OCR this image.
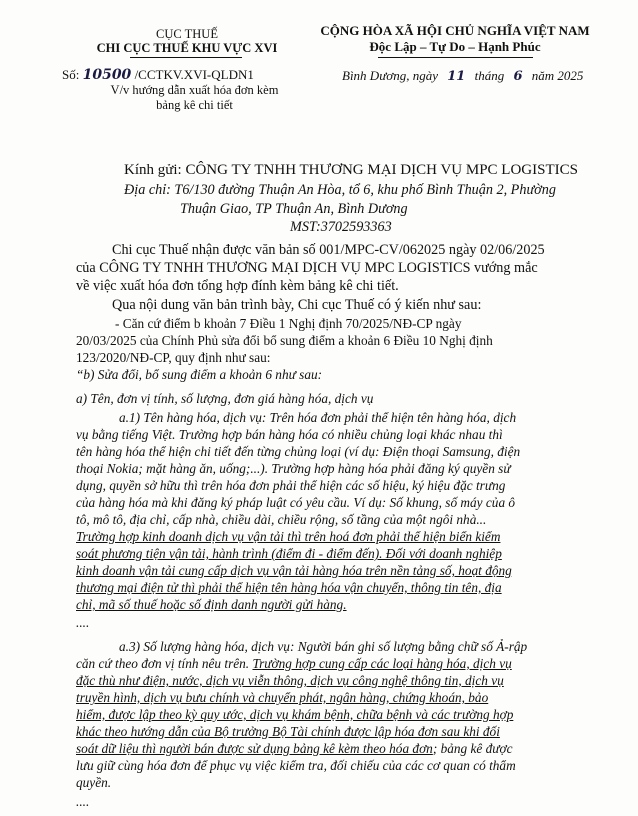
CỤC THUẾ
CHI CỤC THUẾ KHU VỰC XVI
CỘNG HÒA XÃ HỘI CHỦ NGHĨA VIỆT NAM
Độc Lập – Tự Do – Hạnh Phúc
Số: 10500 /CCTKV.XVI-QLDN1
V/v hướng dẫn xuất hóa đơn kèm
bảng kê chi tiết
Bình Dương, ngày 11 tháng 6 năm 2025
Kính gửi: CÔNG TY TNHH THƯƠNG MẠI DỊCH VỤ MPC LOGISTICS
Địa chỉ: T6/130 đường Thuận An Hòa, tổ 6, khu phố Bình Thuận 2, Phường
Thuận Giao, TP Thuận An, Bình Dương
MST:3702593363
Chi cục Thuế nhận được văn bản số 001/MPC-CV/062025 ngày 02/06/2025
của CÔNG TY TNHH THƯƠNG MẠI DỊCH VỤ MPC LOGISTICS vướng mắc
về việc xuất hóa đơn tổng hợp đính kèm bảng kê chi tiết.
Qua nội dung văn bản trình bày, Chi cục Thuế có ý kiến như sau:
- Căn cứ điểm b khoản 7 Điều 1 Nghị định 70/2025/NĐ-CP ngày
20/03/2025 của Chính Phủ sửa đổi bổ sung điểm a khoản 6 Điều 10 Nghị định
123/2020/NĐ-CP, quy định như sau:
“b) Sửa đổi, bổ sung điểm a khoản 6 như sau:
a) Tên, đơn vị tính, số lượng, đơn giá hàng hóa, dịch vụ
a.1) Tên hàng hóa, dịch vụ: Trên hóa đơn phải thể hiện tên hàng hóa, dịch
vụ bằng tiếng Việt. Trường hợp bán hàng hóa có nhiều chủng loại khác nhau thì
tên hàng hóa thể hiện chi tiết đến từng chủng loại (ví dụ: Điện thoại Samsung, điện
thoại Nokia; mặt hàng ăn, uống;...). Trường hợp hàng hóa phải đăng ký quyền sử
dụng, quyền sở hữu thì trên hóa đơn phải thể hiện các số hiệu, ký hiệu đặc trưng
của hàng hóa mà khi đăng ký pháp luật có yêu cầu. Ví dụ: Số khung, số máy của ô
tô, mô tô, địa chỉ, cấp nhà, chiều dài, chiều rộng, số tầng của một ngôi nhà...
Trường hợp kinh doanh dịch vụ vận tải thì trên hoá đơn phải thể hiện biển kiểm
soát phương tiện vận tải, hành trình (điểm đi - điểm đến). Đối với doanh nghiệp
kinh doanh vận tải cung cấp dịch vụ vận tải hàng hóa trên nền tảng số, hoạt động
thương mại điện tử thì phải thể hiện tên hàng hóa vận chuyển, thông tin tên, địa
chỉ, mã số thuế hoặc số định danh người gửi hàng.
....
a.3) Số lượng hàng hóa, dịch vụ: Người bán ghi số lượng bằng chữ số Ả-rập
căn cứ theo đơn vị tính nêu trên. Trường hợp cung cấp các loại hàng hóa, dịch vụ
đặc thù như điện, nước, dịch vụ viễn thông, dịch vụ công nghệ thông tin, dịch vụ
truyền hình, dịch vụ bưu chính và chuyển phát, ngân hàng, chứng khoán, bảo
hiểm, được lập theo kỳ quy ước, dịch vụ khám bệnh, chữa bệnh và các trường hợp
khác theo hướng dẫn của Bộ trưởng Bộ Tài chính được lập hóa đơn sau khi đối
soát dữ liệu thì người bán được sử dụng bảng kê kèm theo hóa đơn; bảng kê được
lưu giữ cùng hóa đơn để phục vụ việc kiểm tra, đối chiếu của các cơ quan có thẩm
quyền.
....
